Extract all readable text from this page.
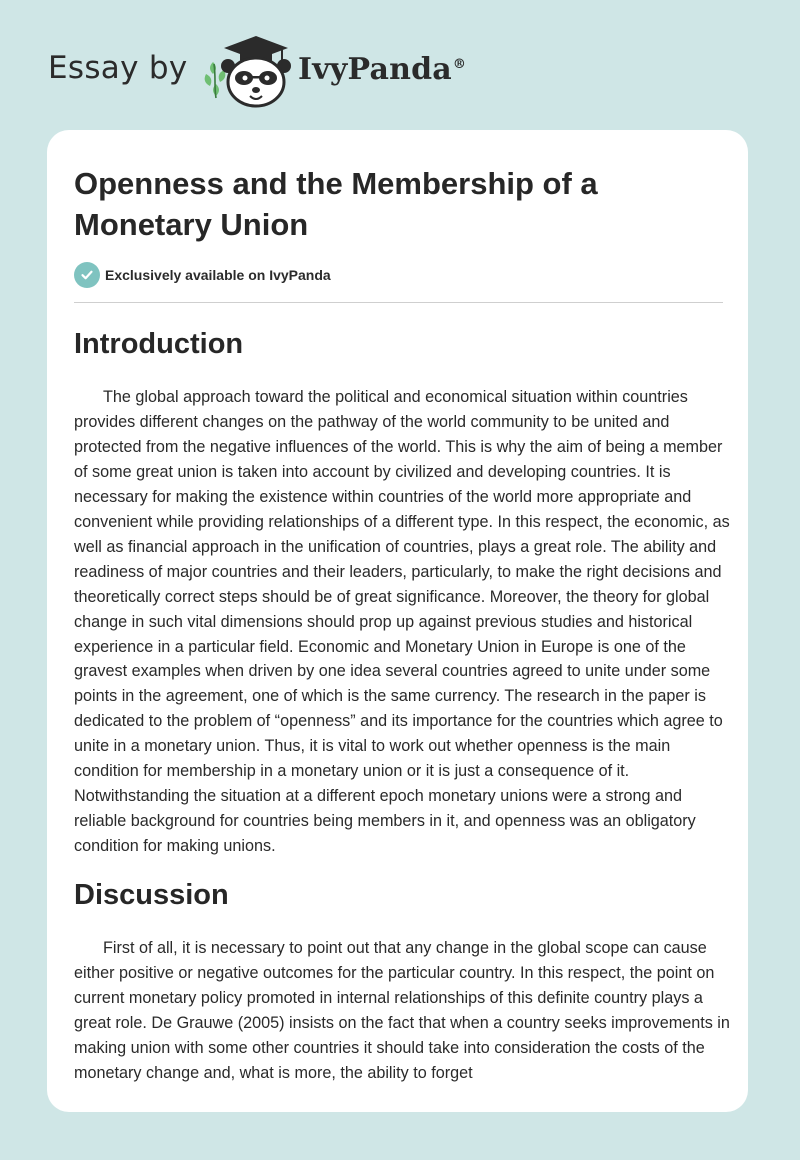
Essay by	IvyPanda®
Openness and the Membership of a Monetary Union
Exclusively available on IvyPanda
Introduction

The global approach toward the political and economical situation within countries provides different changes on the pathway of the world community to be united and protected from the negative influences of the world. This is why the aim of being a member of some great union is taken into account by civilized and developing countries. It is necessary for making the existence within countries of the world more appropriate and convenient while providing relationships of a different type. In this respect, the economic, as well as financial approach in the unification of countries, plays a great role. The ability and readiness of major countries and their leaders, particularly, to make the right decisions and theoretically correct steps should be of great significance. Moreover, the theory for global change in such vital dimensions should prop up against previous studies and historical experience in a particular field. Economic and Monetary Union in Europe is one of the gravest examples when driven by one idea several countries agreed to unite under some points in the agreement, one of which is the same currency. The research in the paper is dedicated to the problem of “openness” and its importance for the countries which agree to unite in a monetary union. Thus, it is vital to work out whether openness is the main condition for membership in a monetary union or it is just a consequence of it. Notwithstanding the situation at a different epoch monetary unions were a strong and reliable background for countries being members in it, and openness was an obligatory condition for making unions.

Discussion

First of all, it is necessary to point out that any change in the global scope can cause either positive or negative outcomes for the particular country. In this respect, the point on current monetary policy promoted in internal relationships of this definite country plays a great role. De Grauwe (2005) insists on the fact that when a country seeks improvements in making union with some other countries it should take into consideration the costs of the monetary change and, what is more, the ability to forget
